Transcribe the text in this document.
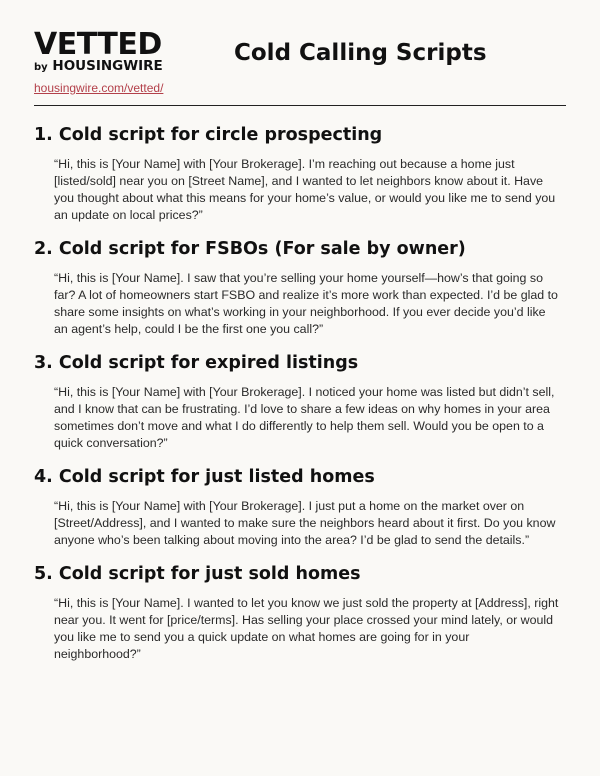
VETTED
by HOUSINGWIRE
housingwire.com/vetted/
Cold Calling Scripts
1. Cold script for circle prospecting

“Hi, this is [Your Name] with [Your Brokerage]. I’m reaching out because a home just [listed/sold] near you on [Street Name], and I wanted to let neighbors know about it. Have you thought about what this means for your home’s value, or would you like me to send you an update on local prices?”

2. Cold script for FSBOs (For sale by owner)

“Hi, this is [Your Name]. I saw that you’re selling your home yourself—how’s that going so far? A lot of homeowners start FSBO and realize it’s more work than expected. I’d be glad to share some insights on what’s working in your neighborhood. If you ever decide you’d like an agent’s help, could I be the first one you call?”

3. Cold script for expired listings

“Hi, this is [Your Name] with [Your Brokerage]. I noticed your home was listed but didn’t sell, and I know that can be frustrating. I’d love to share a few ideas on why homes in your area sometimes don’t move and what I do differently to help them sell. Would you be open to a quick conversation?”

4. Cold script for just listed homes

“Hi, this is [Your Name] with [Your Brokerage]. I just put a home on the market over on [Street/Address], and I wanted to make sure the neighbors heard about it first. Do you know anyone who’s been talking about moving into the area? I’d be glad to send the details.”

5. Cold script for just sold homes

“Hi, this is [Your Name]. I wanted to let you know we just sold the property at [Address], right near you. It went for [price/terms]. Has selling your place crossed your mind lately, or would you like me to send you a quick update on what homes are going for in your neighborhood?”
